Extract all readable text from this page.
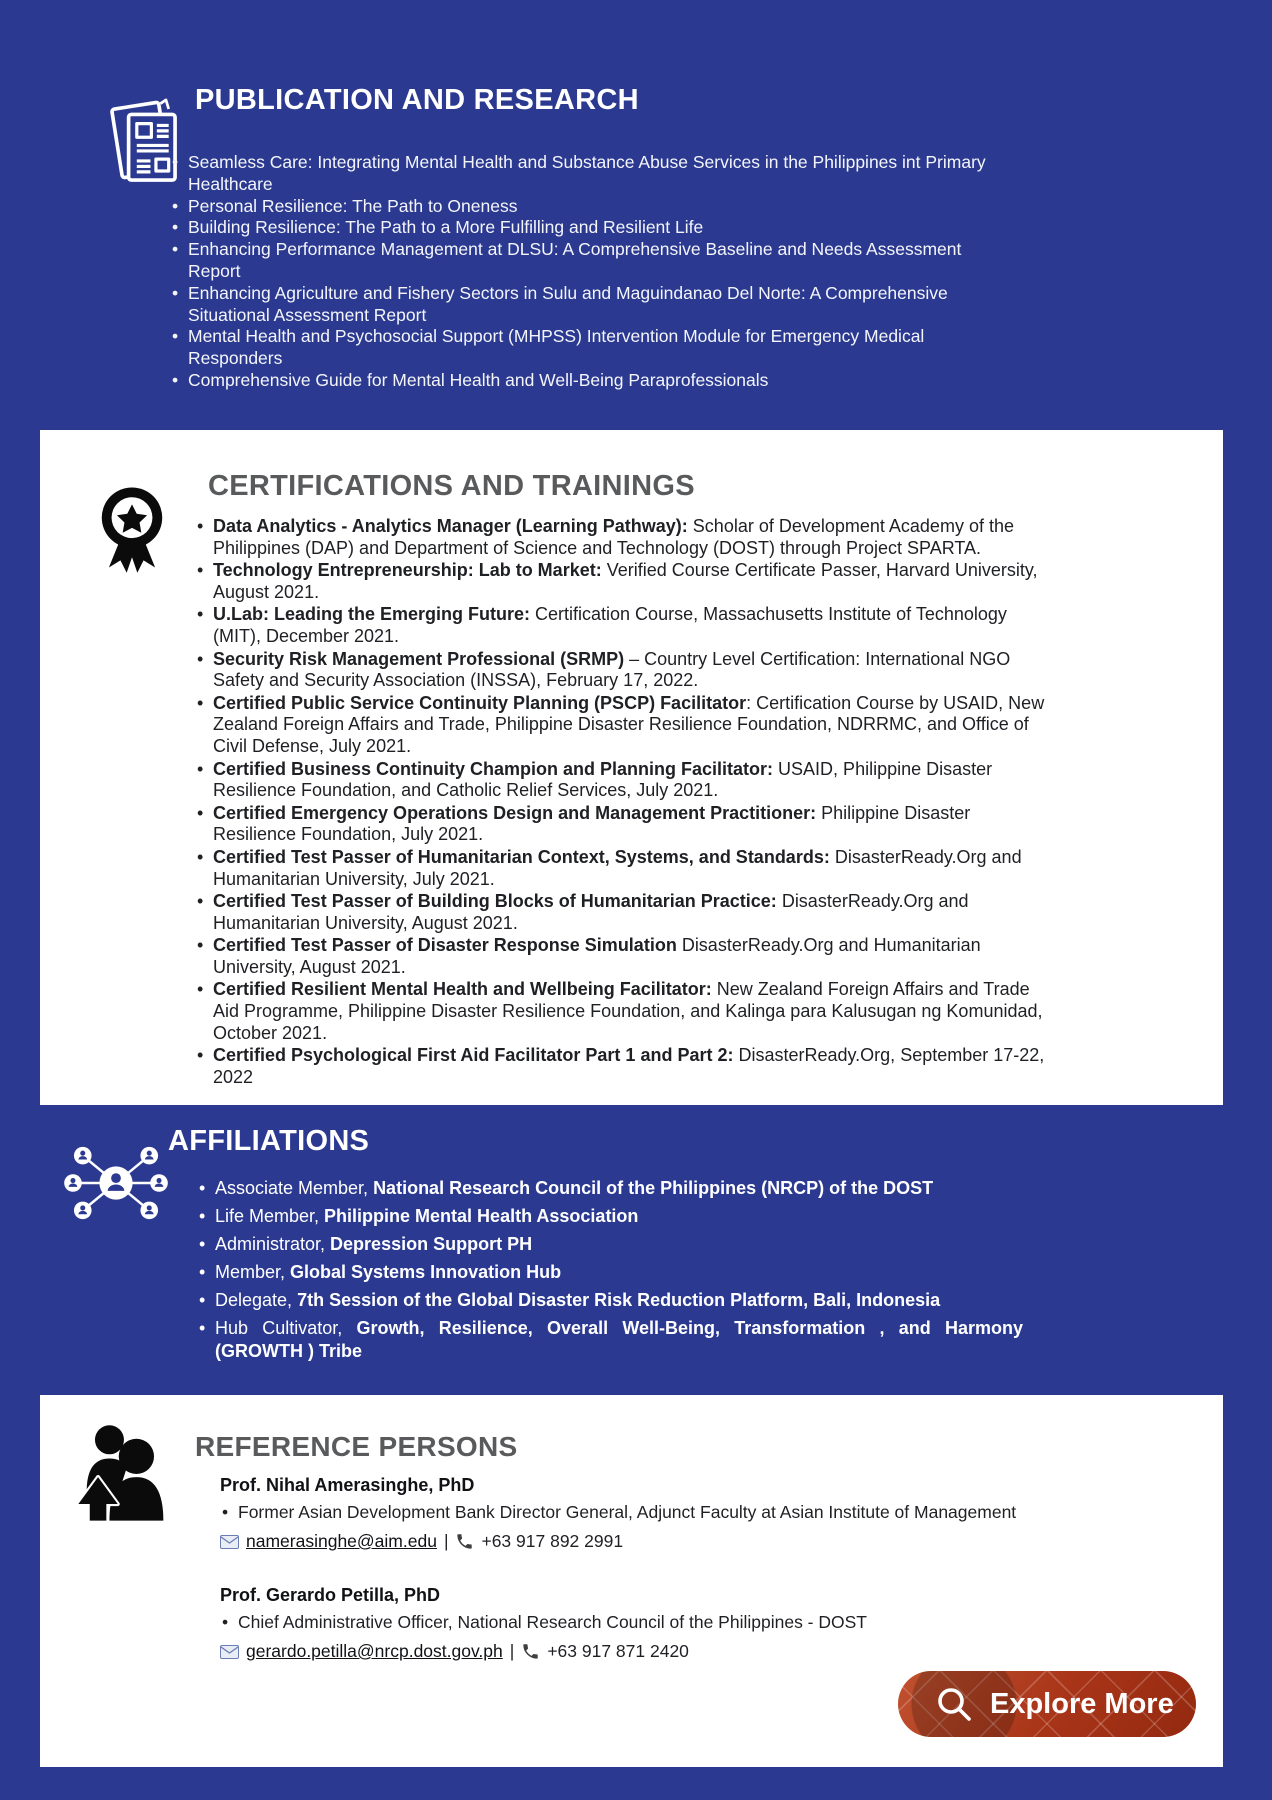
PUBLICATION AND RESEARCH
• Seamless Care: Integrating Mental Health and Substance Abuse Services in the Philippines int Primary Healthcare
• Personal Resilience: The Path to Oneness
• Building Resilience: The Path to a More Fulfilling and Resilient Life
• Enhancing Performance Management at DLSU: A Comprehensive Baseline and Needs Assessment Report
• Enhancing Agriculture and Fishery Sectors in Sulu and Maguindanao Del Norte: A Comprehensive Situational Assessment Report
• Mental Health and Psychosocial Support (MHPSS) Intervention Module for Emergency Medical Responders
• Comprehensive Guide for Mental Health and Well-Being Paraprofessionals
CERTIFICATIONS AND TRAININGS
• Data Analytics - Analytics Manager (Learning Pathway): Scholar of Development Academy of the Philippines (DAP) and Department of Science and Technology (DOST) through Project SPARTA.
• Technology Entrepreneurship: Lab to Market: Verified Course Certificate Passer, Harvard University, August 2021.
• U.Lab: Leading the Emerging Future: Certification Course, Massachusetts Institute of Technology (MIT), December 2021.
• Security Risk Management Professional (SRMP) – Country Level Certification: International NGO Safety and Security Association (INSSA), February 17, 2022.
• Certified Public Service Continuity Planning (PSCP) Facilitator: Certification Course by USAID, New Zealand Foreign Affairs and Trade, Philippine Disaster Resilience Foundation, NDRRMC, and Office of Civil Defense, July 2021.
• Certified Business Continuity Champion and Planning Facilitator: USAID, Philippine Disaster Resilience Foundation, and Catholic Relief Services, July 2021.
• Certified Emergency Operations Design and Management Practitioner: Philippine Disaster Resilience Foundation, July 2021.
• Certified Test Passer of Humanitarian Context, Systems, and Standards: DisasterReady.Org and Humanitarian University, July 2021.
• Certified Test Passer of Building Blocks of Humanitarian Practice: DisasterReady.Org and Humanitarian University, August 2021.
• Certified Test Passer of Disaster Response Simulation DisasterReady.Org and Humanitarian University, August 2021.
• Certified Resilient Mental Health and Wellbeing Facilitator: New Zealand Foreign Affairs and Trade Aid Programme, Philippine Disaster Resilience Foundation, and Kalinga para Kalusugan ng Komunidad, October 2021.
• Certified Psychological First Aid Facilitator Part 1 and Part 2: DisasterReady.Org, September 17-22, 2022
AFFILIATIONS
• Associate Member, National Research Council of the Philippines (NRCP) of the DOST
• Life Member, Philippine Mental Health Association
• Administrator, Depression Support PH
• Member, Global Systems Innovation Hub
• Delegate, 7th Session of the Global Disaster Risk Reduction Platform, Bali, Indonesia
• Hub Cultivator, Growth, Resilience, Overall Well-Being, Transformation , and Harmony (GROWTH ) Tribe
REFERENCE PERSONS
Prof. Nihal Amerasinghe, PhD
• Former Asian Development Bank Director General, Adjunct Faculty at Asian Institute of Management
namerasinghe@aim.edu | +63 917 892 2991
Prof. Gerardo Petilla, PhD
• Chief Administrative Officer, National Research Council of the Philippines - DOST
gerardo.petilla@nrcp.dost.gov.ph | +63 917 871 2420
Explore More
